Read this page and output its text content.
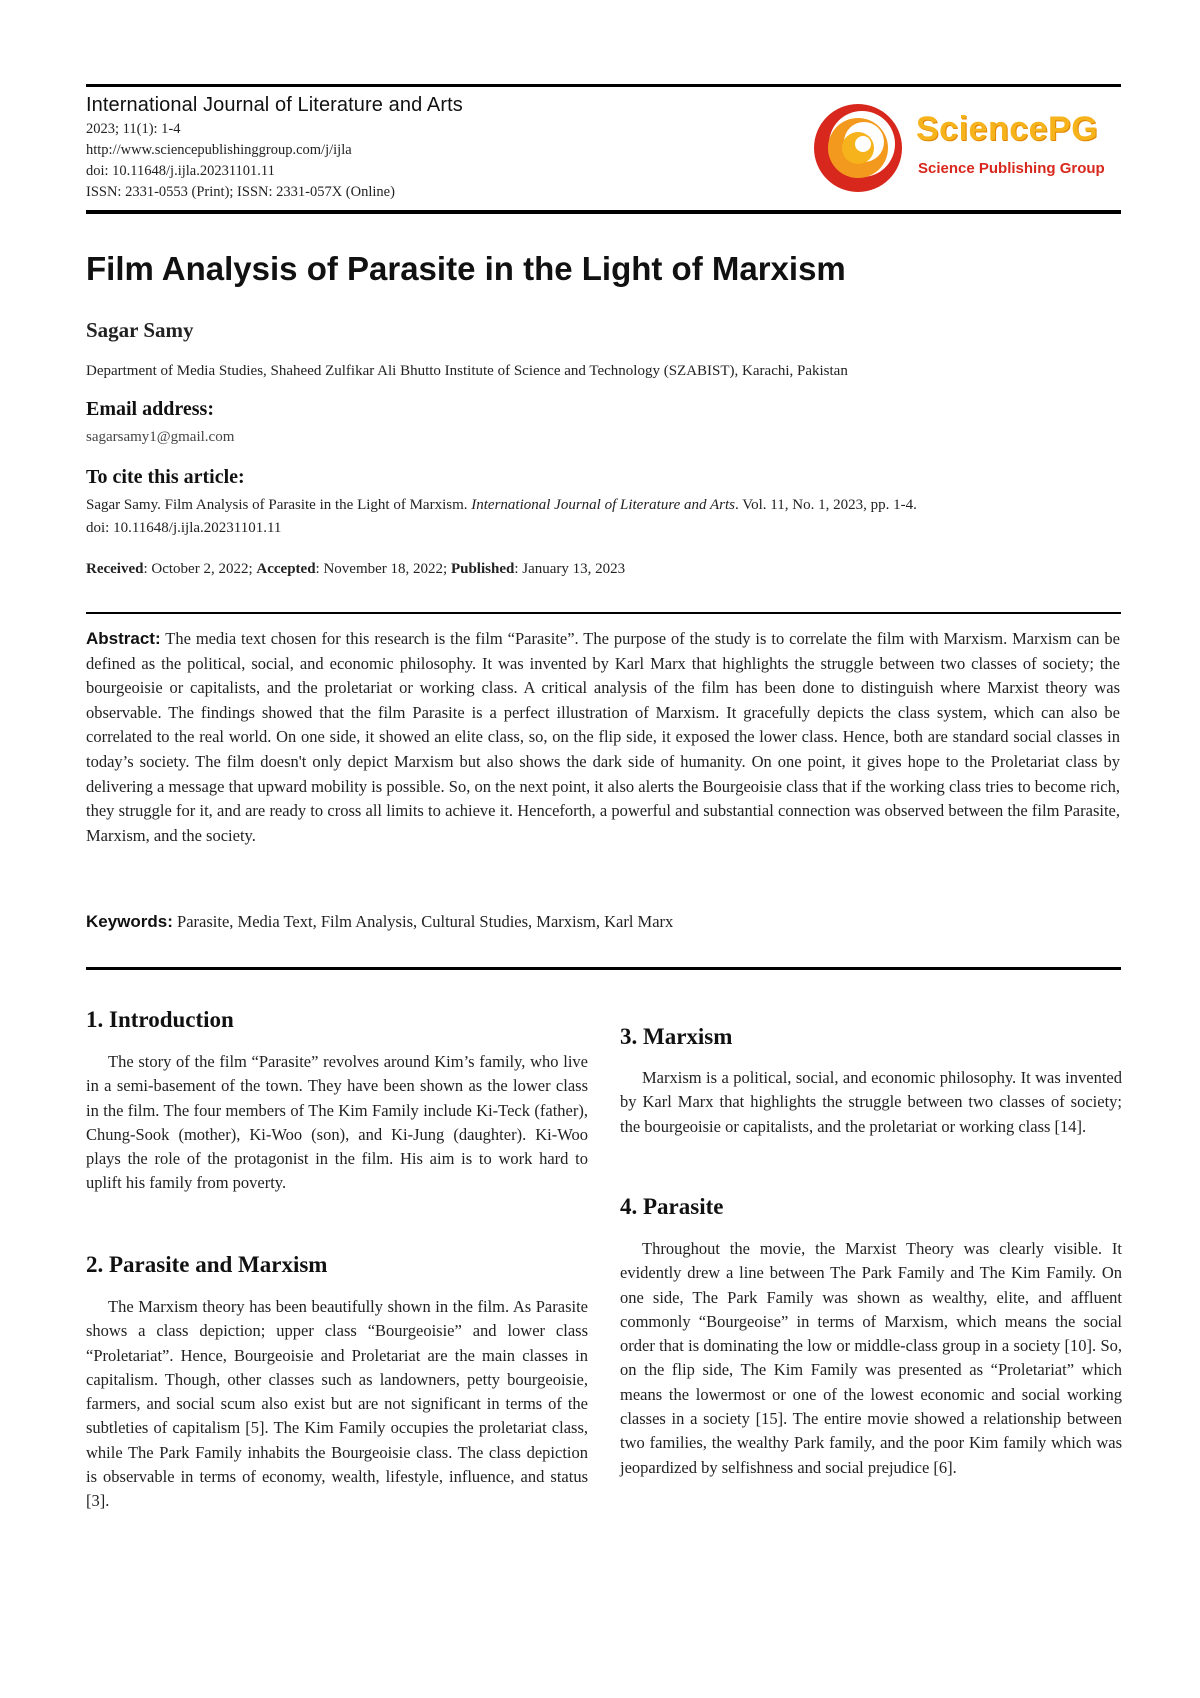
International Journal of Literature and Arts
2023; 11(1): 1-4
http://www.sciencepublishinggroup.com/j/ijla
doi: 10.11648/j.ijla.20231101.11
ISSN: 2331-0553 (Print); ISSN: 2331-057X (Online)
SciencePG
Science Publishing Group
Film Analysis of Parasite in the Light of Marxism
Sagar Samy
Department of Media Studies, Shaheed Zulfikar Ali Bhutto Institute of Science and Technology (SZABIST), Karachi, Pakistan
Email address:
sagarsamy1@gmail.com
To cite this article:
Sagar Samy. Film Analysis of Parasite in the Light of Marxism. International Journal of Literature and Arts. Vol. 11, No. 1, 2023, pp. 1-4.
doi: 10.11648/j.ijla.20231101.11
Received: October 2, 2022; Accepted: November 18, 2022; Published: January 13, 2023
Abstract: The media text chosen for this research is the film “Parasite”. The purpose of the study is to correlate the film with Marxism. Marxism can be defined as the political, social, and economic philosophy. It was invented by Karl Marx that highlights the struggle between two classes of society; the bourgeoisie or capitalists, and the proletariat or working class. A critical analysis of the film has been done to distinguish where Marxist theory was observable. The findings showed that the film Parasite is a perfect illustration of Marxism. It gracefully depicts the class system, which can also be correlated to the real world. On one side, it showed an elite class, so, on the flip side, it exposed the lower class. Hence, both are standard social classes in today’s society. The film doesn't only depict Marxism but also shows the dark side of humanity. On one point, it gives hope to the Proletariat class by delivering a message that upward mobility is possible. So, on the next point, it also alerts the Bourgeoisie class that if the working class tries to become rich, they struggle for it, and are ready to cross all limits to achieve it. Henceforth, a powerful and substantial connection was observed between the film Parasite, Marxism, and the society.
Keywords: Parasite, Media Text, Film Analysis, Cultural Studies, Marxism, Karl Marx
1. Introduction
The story of the film “Parasite” revolves around Kim’s family, who live in a semi-basement of the town. They have been shown as the lower class in the film. The four members of The Kim Family include Ki-Teck (father), Chung-Sook (mother), Ki-Woo (son), and Ki-Jung (daughter). Ki-Woo plays the role of the protagonist in the film. His aim is to work hard to uplift his family from poverty.
2. Parasite and Marxism
The Marxism theory has been beautifully shown in the film. As Parasite shows a class depiction; upper class “Bourgeoisie” and lower class “Proletariat”. Hence, Bourgeoisie and Proletariat are the main classes in capitalism. Though, other classes such as landowners, petty bourgeoisie, farmers, and social scum also exist but are not significant in terms of the subtleties of capitalism [5]. The Kim Family occupies the proletariat class, while The Park Family inhabits the Bourgeoisie class. The class depiction is observable in terms of economy, wealth, lifestyle, influence, and status [3].
3. Marxism
Marxism is a political, social, and economic philosophy. It was invented by Karl Marx that highlights the struggle between two classes of society; the bourgeoisie or capitalists, and the proletariat or working class [14].
4. Parasite
Throughout the movie, the Marxist Theory was clearly visible. It evidently drew a line between The Park Family and The Kim Family. On one side, The Park Family was shown as wealthy, elite, and affluent commonly “Bourgeoise” in terms of Marxism, which means the social order that is dominating the low or middle-class group in a society [10]. So, on the flip side, The Kim Family was presented as “Proletariat” which means the lowermost or one of the lowest economic and social working classes in a society [15]. The entire movie showed a relationship between two families, the wealthy Park family, and the poor Kim family which was jeopardized by selfishness and social prejudice [6].
